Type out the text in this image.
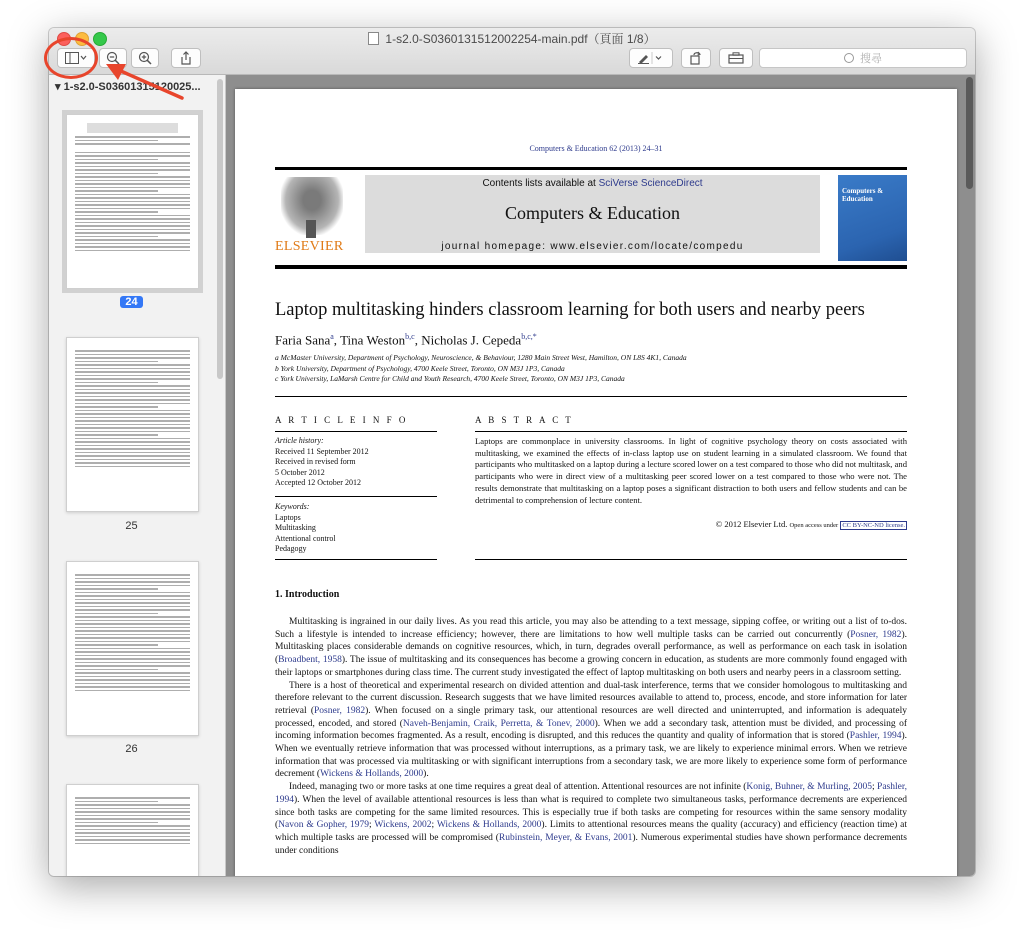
1-s2.0-S0360131512002254-main.pdf（頁面 1/8）
搜尋
▾ 1-s2.0-S03601315120025...
24
25
26
Computers & Education 62 (2013) 24–31
ELSEVIER
Contents lists available at SciVerse ScienceDirect
Computers & Education
journal homepage: www.elsevier.com/locate/compedu
Computers & Education
Laptop multitasking hinders classroom learning for both users and nearby peers
Faria Sana$^a$, Tina Weston$^{b,c}$, Nicholas J. Cepeda$^{b,c,*}$
a McMaster University, Department of Psychology, Neuroscience, & Behaviour, 1280 Main Street West, Hamilton, ON L8S 4K1, Canada
b York University, Department of Psychology, 4700 Keele Street, Toronto, ON M3J 1P3, Canada
c York University, LaMarsh Centre for Child and Youth Research, 4700 Keele Street, Toronto, ON M3J 1P3, Canada
A R T I C L E I N F O
Article history:
Received 11 September 2012
Received in revised form
5 October 2012
Accepted 12 October 2012
Keywords:
Laptops
Multitasking
Attentional control
Pedagogy
A B S T R A C T
Laptops are commonplace in university classrooms. In light of cognitive psychology theory on costs associated with multitasking, we examined the effects of in-class laptop use on student learning in a simulated classroom. We found that participants who multitasked on a laptop during a lecture scored lower on a test compared to those who did not multitask, and participants who were in direct view of a multitasking peer scored lower on a test compared to those who were not. The results demonstrate that multitasking on a laptop poses a significant distraction to both users and fellow students and can be detrimental to comprehension of lecture content.
© 2012 Elsevier Ltd. Open access under CC BY-NC-ND license.
1. Introduction

Multitasking is ingrained in our daily lives. As you read this article, you may also be attending to a text message, sipping coffee, or writing out a list of to-dos. Such a lifestyle is intended to increase efficiency; however, there are limitations to how well multiple tasks can be carried out concurrently (Posner, 1982). Multitasking places considerable demands on cognitive resources, which, in turn, degrades overall performance, as well as performance on each task in isolation (Broadbent, 1958). The issue of multitasking and its consequences has become a growing concern in education, as students are more commonly found engaged with their laptops or smartphones during class time. The current study investigated the effect of laptop multitasking on both users and nearby peers in a classroom setting.

There is a host of theoretical and experimental research on divided attention and dual-task interference, terms that we consider homologous to multitasking and therefore relevant to the current discussion. Research suggests that we have limited resources available to attend to, process, encode, and store information for later retrieval (Posner, 1982). When focused on a single primary task, our attentional resources are well directed and uninterrupted, and information is adequately processed, encoded, and stored (Naveh-Benjamin, Craik, Perretta, & Tonev, 2000). When we add a secondary task, attention must be divided, and processing of incoming information becomes fragmented. As a result, encoding is disrupted, and this reduces the quantity and quality of information that is stored (Pashler, 1994). When we eventually retrieve information that was processed without interruptions, as a primary task, we are likely to experience minimal errors. When we retrieve information that was processed via multitasking or with significant interruptions from a secondary task, we are more likely to experience some form of performance decrement (Wickens & Hollands, 2000).

Indeed, managing two or more tasks at one time requires a great deal of attention. Attentional resources are not infinite (Konig, Buhner, & Murling, 2005; Pashler, 1994). When the level of available attentional resources is less than what is required to complete two simultaneous tasks, performance decrements are experienced since both tasks are competing for the same limited resources. This is especially true if both tasks are competing for resources within the same sensory modality (Navon & Gopher, 1979; Wickens, 2002; Wickens & Hollands, 2000). Limits to attentional resources means the quality (accuracy) and efficiency (reaction time) at which multiple tasks are processed will be compromised (Rubinstein, Meyer, & Evans, 2001). Numerous experimental studies have shown performance decrements under conditions
